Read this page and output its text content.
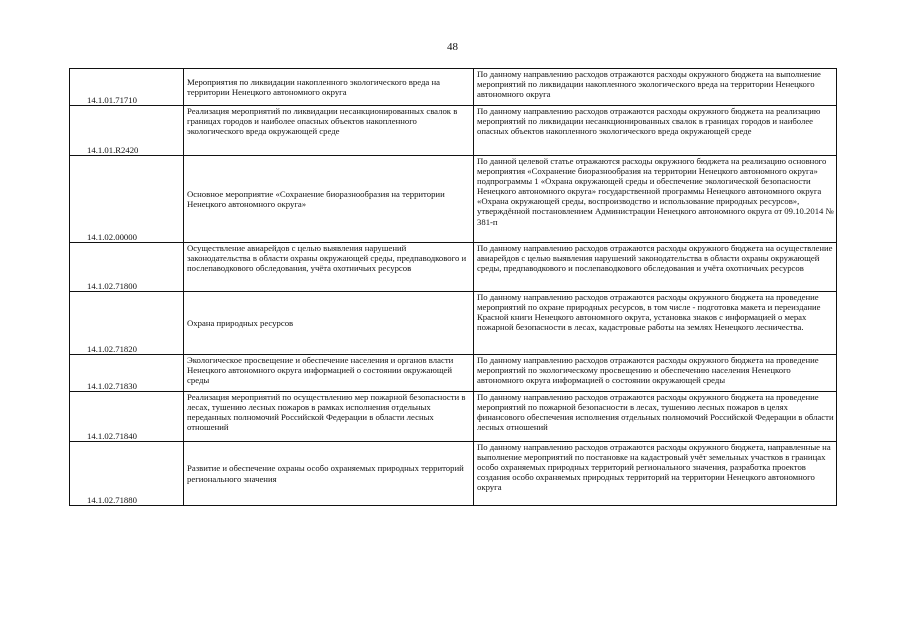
48
14.1.01.71710	Мероприятия по ликвидации накопленного экологического вреда на территории Ненецкого автономного округа	По данному направлению расходов отражаются расходы окружного бюджета на выполнение мероприятий по ликвидации накопленного экологического вреда на территории Ненецкого автономного округа
14.1.01.R2420	Реализация мероприятий по ликвидации несанкционированных свалок в границах городов и наиболее опасных объектов накопленного экологического вреда окружающей среде	По данному направлению расходов отражаются расходы окружного бюджета на реализацию мероприятий по ликвидации несанкционированных свалок в границах городов и наиболее опасных объектов накопленного экологического вреда окружающей среде
14.1.02.00000	Основное мероприятие «Сохранение биоразнообразия на территории Ненецкого автономного округа»	По данной целевой статье отражаются расходы окружного бюджета на реализацию основного мероприятия «Сохранение биоразнообразия на территории Ненецкого автономного округа» подпрограммы 1 «Охрана окружающей среды и обеспечение экологической безопасности Ненецкого автономного округа» государственной программы Ненецкого автономного округа «Охрана окружающей среды, воспроизводство и использование природных ресурсов», утверждённой постановлением Администрации Ненецкого автономного округа от 09.10.2014 № 381-п
14.1.02.71800	Осуществление авиарейдов с целью выявления нарушений законодательства в области охраны окружающей среды, предпаводкового и послепаводкового обследования, учёта охотничьих ресурсов	По данному направлению расходов отражаются расходы окружного бюджета на осуществление авиарейдов с целью выявления нарушений законодательства в области охраны окружающей среды, предпаводкового и послепаводкового обследования и учёта охотничьих ресурсов
14.1.02.71820	Охрана природных ресурсов	По данному направлению расходов отражаются расходы окружного бюджета на проведение мероприятий по охране природных ресурсов, в том числе - подготовка макета и переиздание Красной книги Ненецкого автономного округа, установка знаков с информацией о мерах пожарной безопасности в лесах, кадастровые работы на землях Ненецкого лесничества.
14.1.02.71830	Экологическое просвещение и обеспечение населения и органов власти Ненецкого автономного округа информацией о состоянии окружающей среды	По данному направлению расходов отражаются расходы окружного бюджета на проведение мероприятий по экологическому просвещению и обеспечению населения Ненецкого автономного округа информацией о состоянии окружающей среды
14.1.02.71840	Реализация мероприятий по осуществлению мер пожарной безопасности в лесах, тушению лесных пожаров в рамках исполнения отдельных переданных полномочий Российской Федерации в области лесных отношений	По данному направлению расходов отражаются расходы окружного бюджета на проведение мероприятий по пожарной безопасности в лесах, тушению лесных пожаров в целях финансового обеспечения исполнения отдельных полномочий Российской Федерации в области лесных отношений
14.1.02.71880	Развитие и обеспечение охраны особо охраняемых природных территорий регионального значения	По данному направлению расходов отражаются расходы окружного бюджета, направленные на выполнение мероприятий по постановке на кадастровый учёт земельных участков в границах особо охраняемых природных территорий регионального значения, разработка проектов создания особо охраняемых природных территорий на территории Ненецкого автономного округа
